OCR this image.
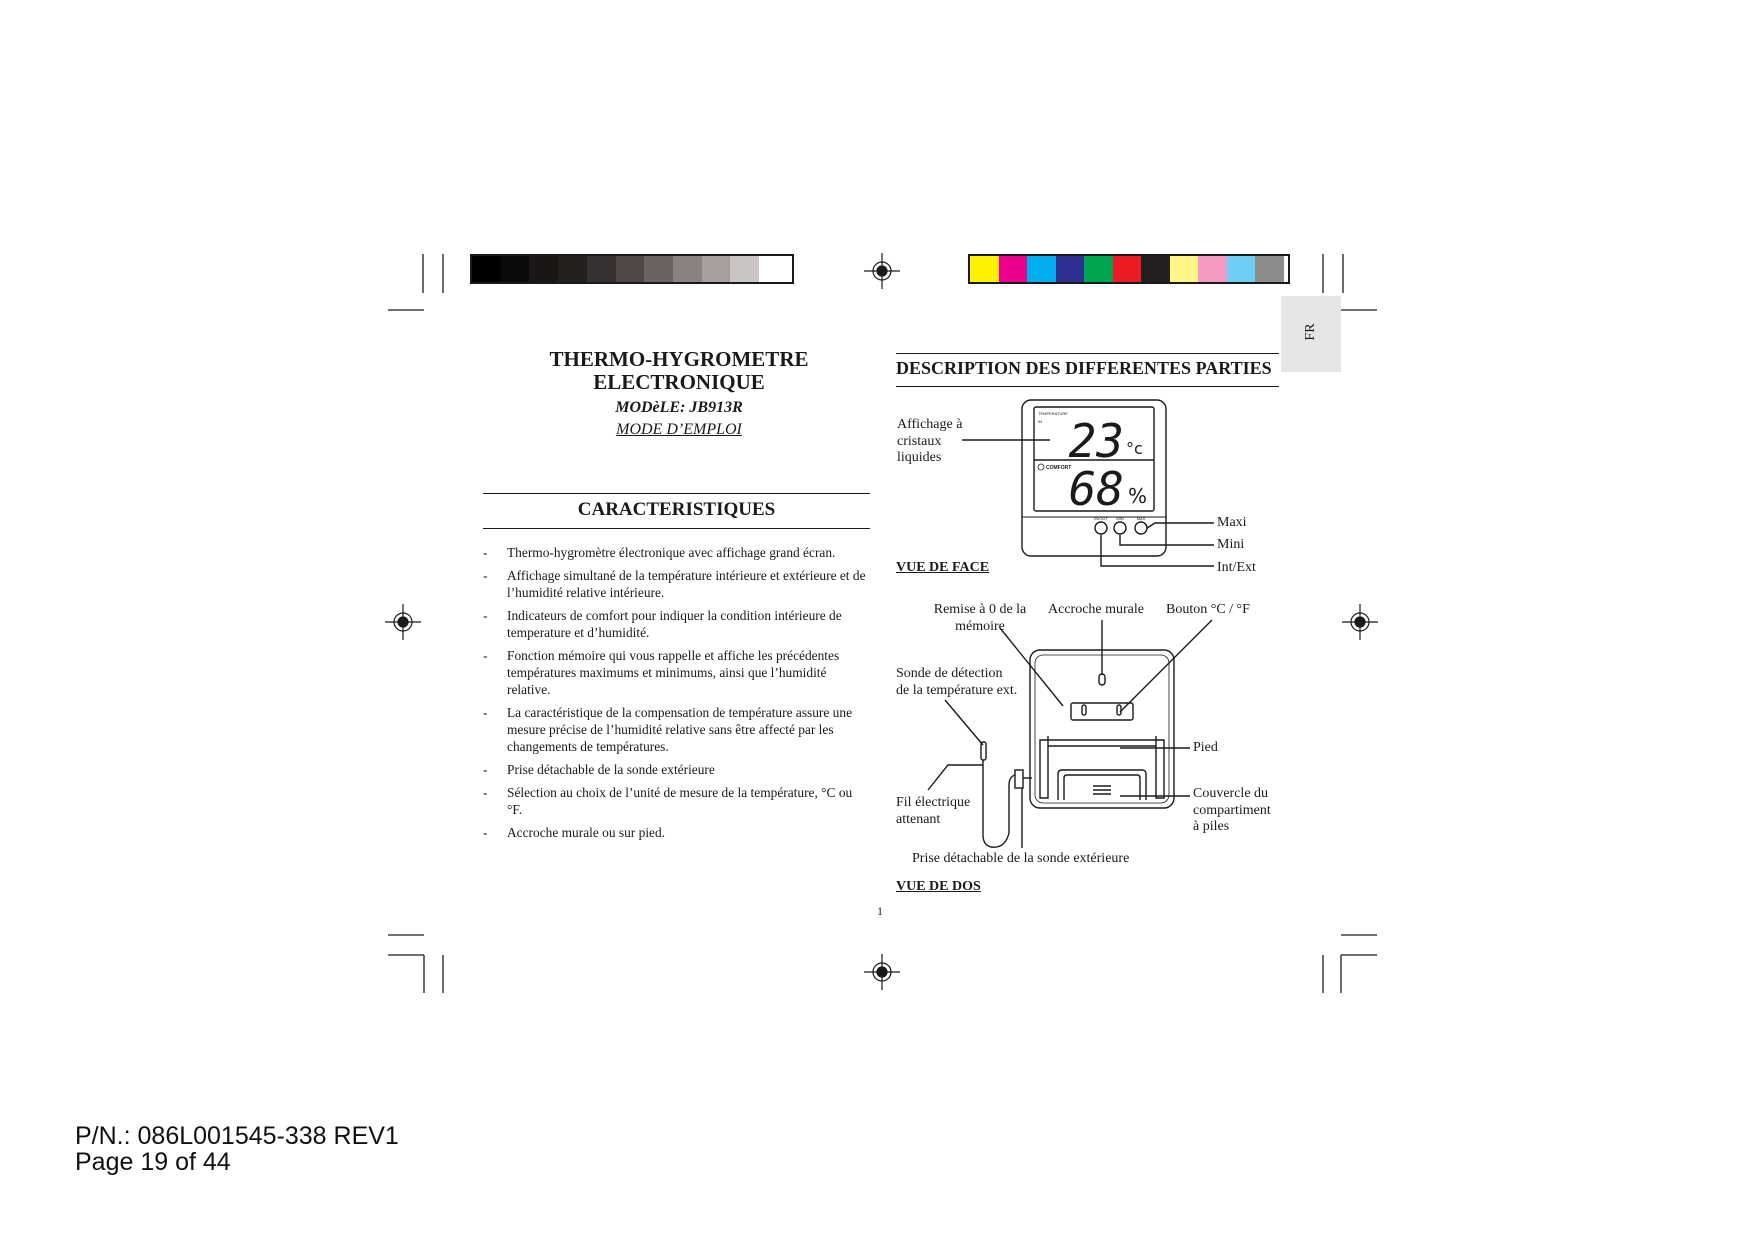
FR
THERMO-HYGROMETRE
ELECTRONIQUE
MODèLE: JB913R
MODE D’EMPLOI
CARACTERISTIQUES
- Thermo-hygromètre électronique avec affichage grand écran.
- Affichage simultané de la température intérieure et extérieure et de l’humidité relative intérieure.
- Indicateurs de comfort pour indiquer la condition intérieure de temperature et d’humidité.
- Fonction mémoire qui vous rappelle et affiche les précédentes températures maximums et minimums, ainsi que l’humidité relative.
- La caractéristique de la compensation de température assure une mesure précise de l’humidité relative sans être affecté par les changements de températures.
- Prise détachable de la sonde extérieure
- Sélection au choix de l’unité de mesure de la température, °C ou °F.
- Accroche murale ou sur pied.
DESCRIPTION DES DIFFERENTES PARTIES
TEMPERATURE
IN 23 °c
COMFORT
68 %
IN/OUT MIN	MAX
Affichage à
cristaux
liquides
Maxi
Mini
Int/Ext
VUE DE FACE
Remise à 0 de la
mémoire
Accroche murale Bouton °C / °F
Sonde de détection
de la température ext.
Pied
Couvercle du
compartiment
à piles
Fil électrique
attenant
Prise détachable de la sonde extérieure
VUE DE DOS
1
P/N.: 086L001545-338 REV1
Page 19 of 44
